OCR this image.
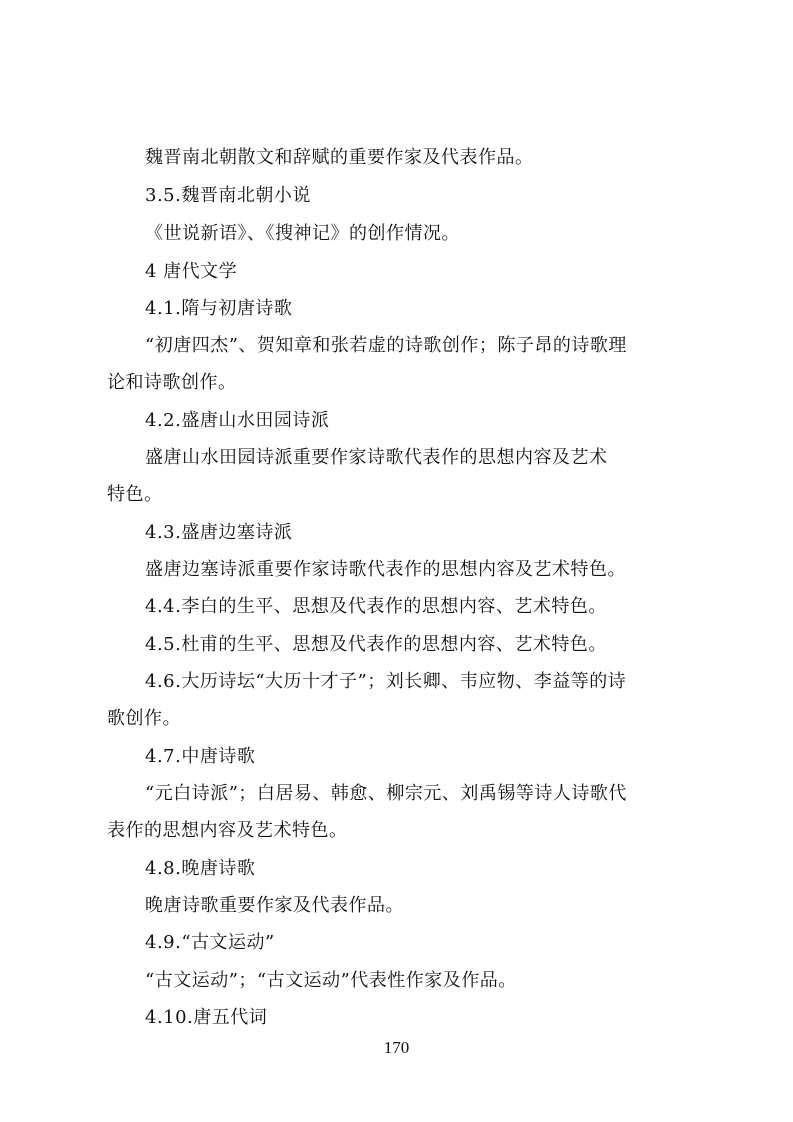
魏晋南北朝散文和辞赋的重要作家及代表作品。
3.5.魏晋南北朝小说
《世说新语》、《搜神记》的创作情况。
4 唐代文学
4.1.隋与初唐诗歌
“初唐四杰”、贺知章和张若虚的诗歌创作；陈子昂的诗歌理
论和诗歌创作。
4.2.盛唐山水田园诗派
盛唐山水田园诗派重要作家诗歌代表作的思想内容及艺术
特色。
4.3.盛唐边塞诗派
盛唐边塞诗派重要作家诗歌代表作的思想内容及艺术特色。
4.4.李白的生平、思想及代表作的思想内容、艺术特色。
4.5.杜甫的生平、思想及代表作的思想内容、艺术特色。
4.6.大历诗坛“大历十才子”；刘长卿、韦应物、李益等的诗
歌创作。
4.7.中唐诗歌
“元白诗派”；白居易、韩愈、柳宗元、刘禹锡等诗人诗歌代
表作的思想内容及艺术特色。
4.8.晚唐诗歌
晚唐诗歌重要作家及代表作品。
4.9.“古文运动”
“古文运动”；“古文运动”代表性作家及作品。
4.10.唐五代词
170
